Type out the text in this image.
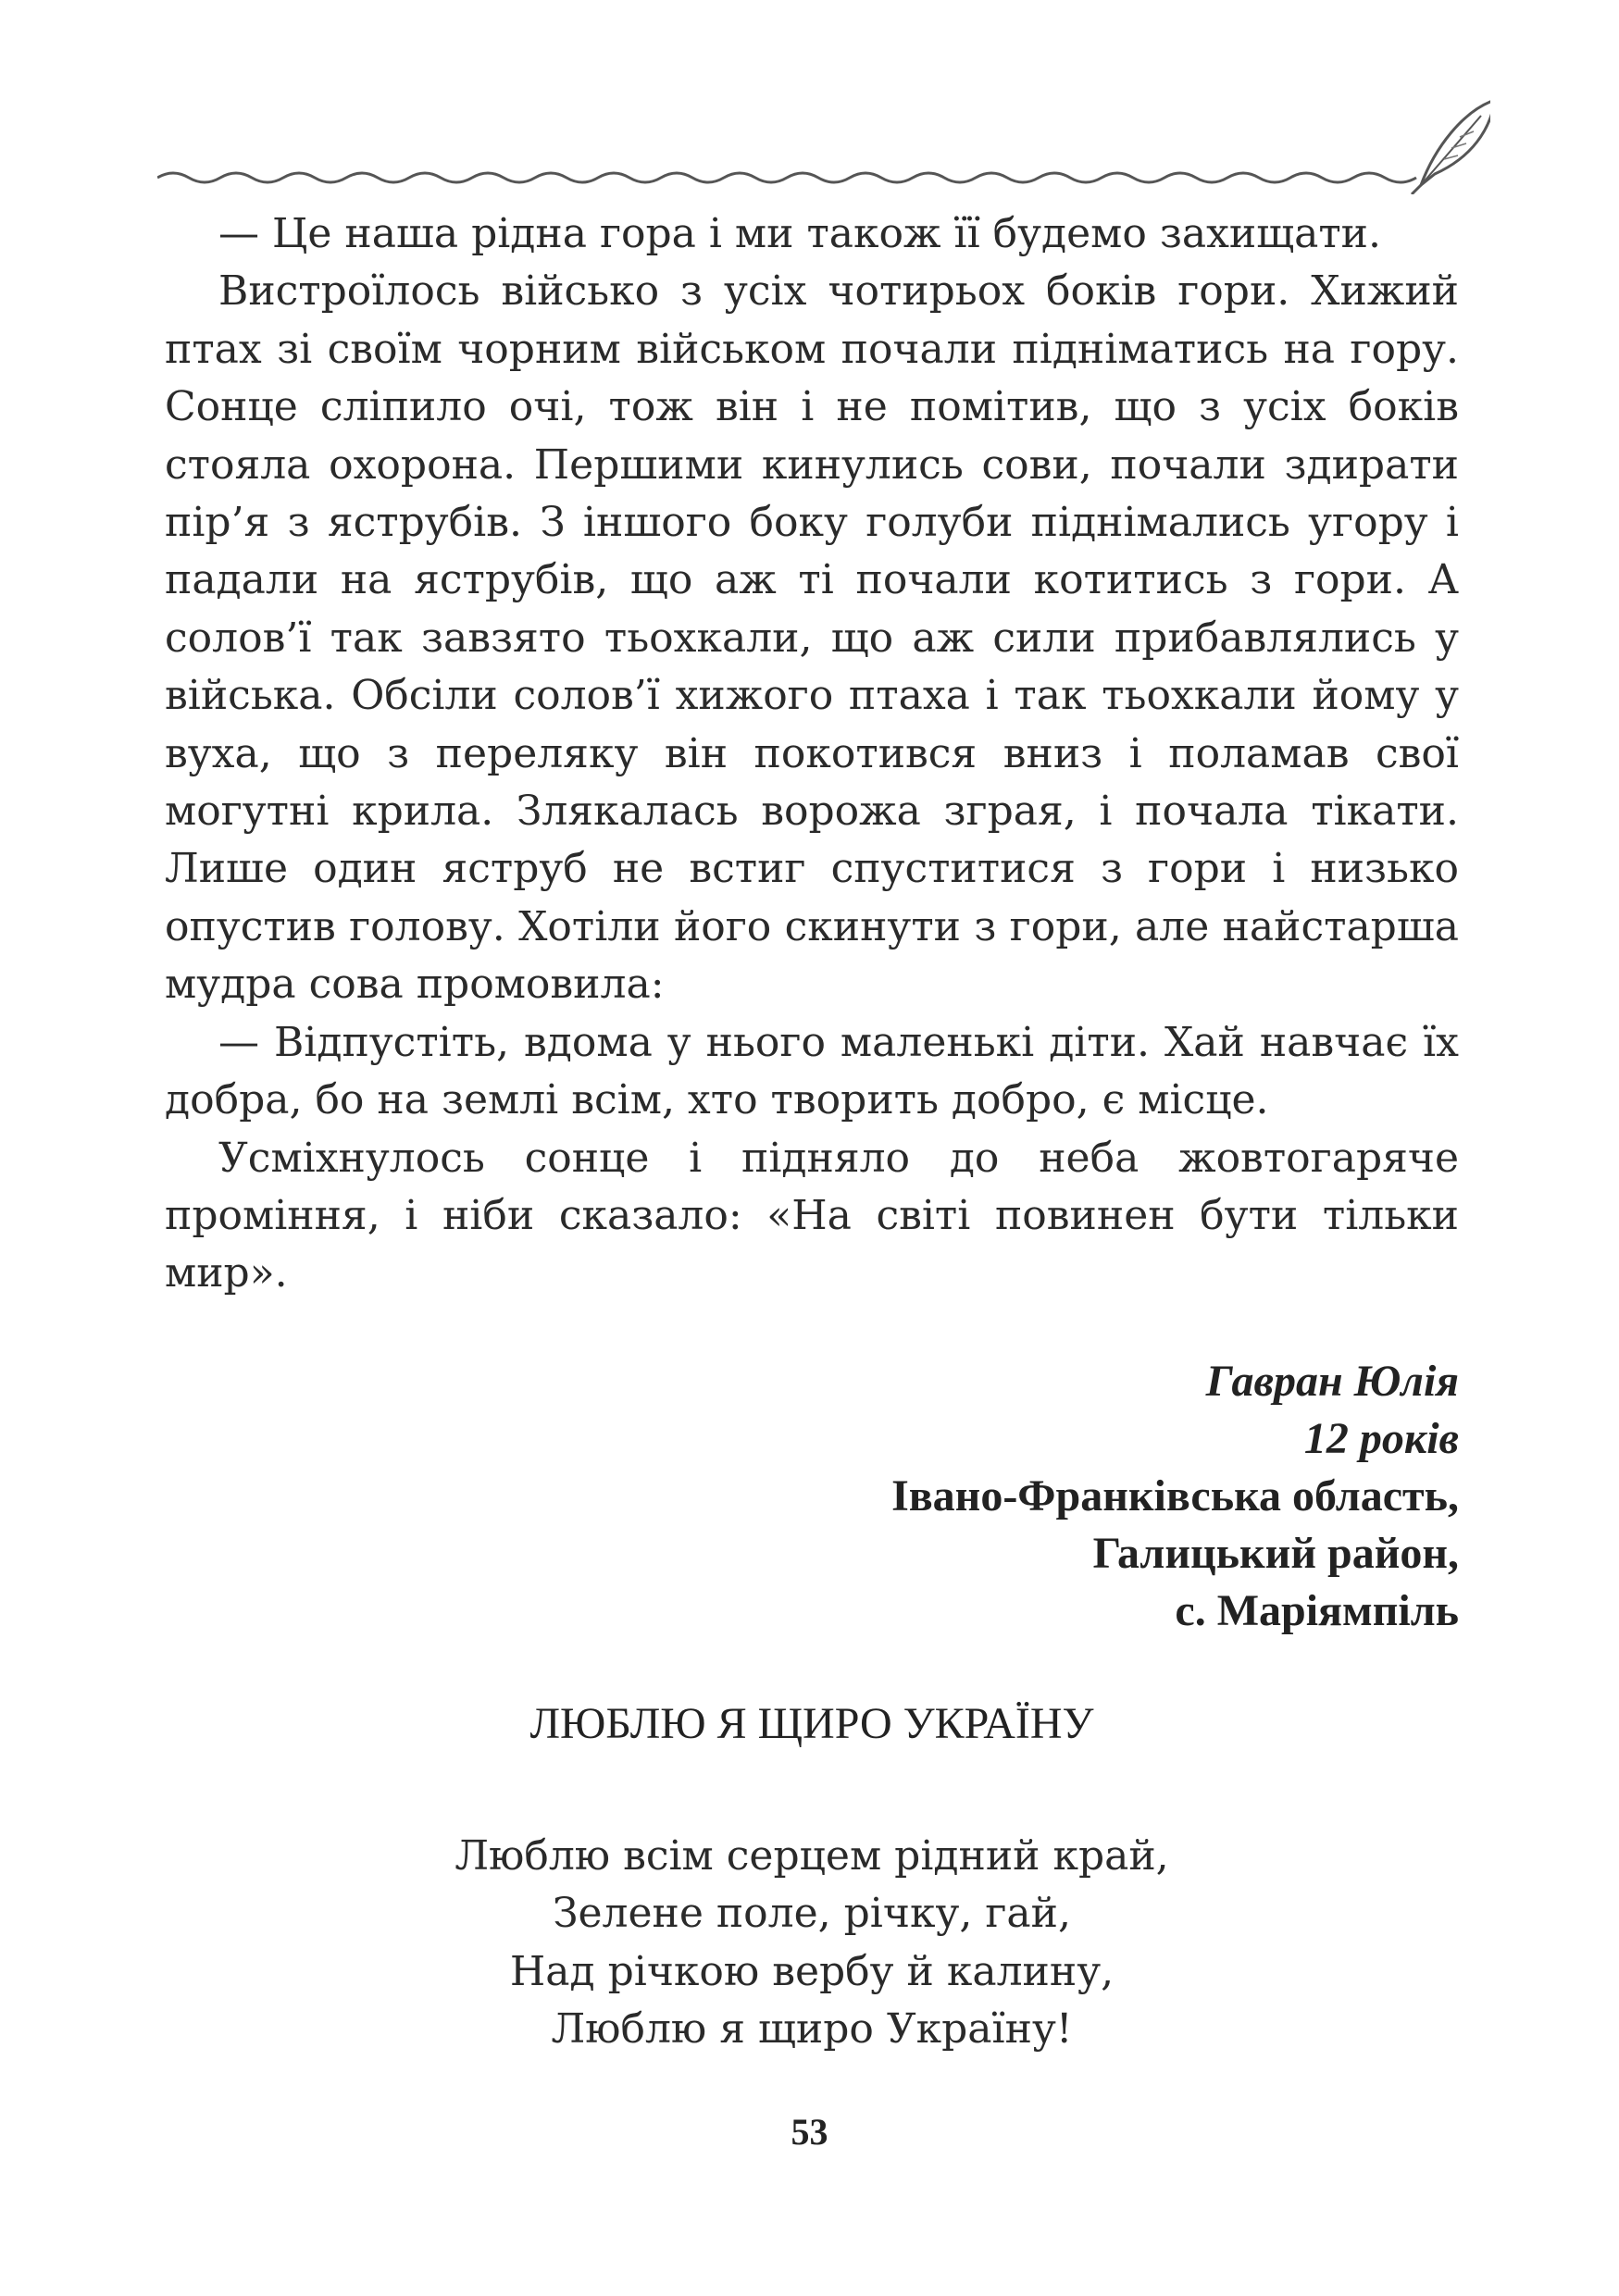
— Це наша рідна гора і ми також її будемо захищати.

Вистроїлось військо з усіх чотирьох боків гори. Хижий птах зі своїм чорним військом почали підніматись на гору. Сонце сліпило очі, тож він і не помітив, що з усіх боків стояла охорона. Першими кинулись сови, почали здирати пір’я з яструбів. З іншого боку голуби піднімались угору і падали на яструбів, що аж ті почали котитись з гори. А солов’ї так завзято тьохкали, що аж сили прибавлялись у війська. Обсіли солов’ї хижого птаха і так тьохкали йому у вуха, що з переляку він покотився вниз і поламав свої могутні крила. Злякалась ворожа зграя, і почала тікати. Лише один яструб не встиг спуститися з гори і низько опустив голову. Хотіли його скинути з гори, але найстарша мудра сова промовила:

— Відпустіть, вдома у нього маленькі діти. Хай навчає їх добра, бо на землі всім, хто творить добро, є місце.

Усміхнулось сонце і підняло до неба жовтогаряче проміння, і ніби сказало: «На світі повинен бути тільки мир».

Гавран Юлія
12 років
Івано-Франківська область,
Галицький район,
с. Маріямпіль
ЛЮБЛЮ Я ЩИРО УКРАЇНУ
Люблю всім серцем рідний край,
Зелене поле, річку, гай,
Над річкою вербу й калину,
Люблю я щиро Україну!
53
